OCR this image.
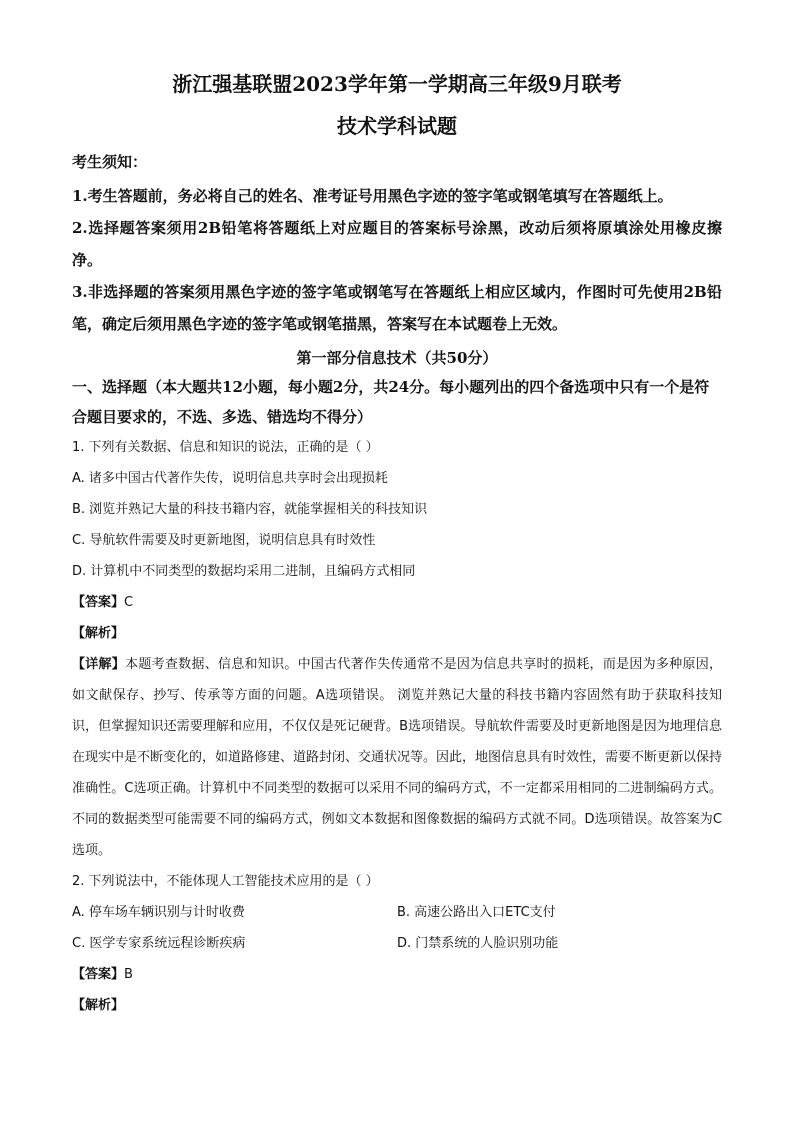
浙江强基联盟2023学年第一学期高三年级9月联考
技术学科试题

考生须知：

1.考生答题前，务必将自己的姓名、准考证号用黑色字迹的签字笔或钢笔填写在答题纸上。

2.选择题答案须用2B铅笔将答题纸上对应题目的答案标号涂黑，改动后须将原填涂处用橡皮擦净。

3.非选择题的答案须用黑色字迹的签字笔或钢笔写在答题纸上相应区域内，作图时可先使用2B铅笔，确定后须用黑色字迹的签字笔或钢笔描黑，答案写在本试题卷上无效。

第一部分信息技术（共50分）

一、选择题（本大题共12小题，每小题2分，共24分。每小题列出的四个备选项中只有一个是符合题目要求的，不选、多选、错选均不得分）

1. 下列有关数据、信息和知识的说法，正确的是（ ）

A. 诸多中国古代著作失传，说明信息共享时会出现损耗

B. 浏览并熟记大量的科技书籍内容，就能掌握相关的科技知识

C. 导航软件需要及时更新地图，说明信息具有时效性

D. 计算机中不同类型的数据均采用二进制，且编码方式相同

【答案】C

【解析】

【详解】本题考查数据、信息和知识。中国古代著作失传通常不是因为信息共享时的损耗，而是因为多种原因，如文献保存、抄写、传承等方面的问题。A选项错误。 浏览并熟记大量的科技书籍内容固然有助于获取科技知识，但掌握知识还需要理解和应用，不仅仅是死记硬背。B选项错误。导航软件需要及时更新地图是因为地理信息在现实中是不断变化的，如道路修建、道路封闭、交通状况等。因此，地图信息具有时效性，需要不断更新以保持准确性。C选项正确。计算机中不同类型的数据可以采用不同的编码方式，不一定都采用相同的二进制编码方式。不同的数据类型可能需要不同的编码方式，例如文本数据和图像数据的编码方式就不同。D选项错误。故答案为C选项。

2. 下列说法中，不能体现人工智能技术应用的是（ ）

A. 停车场车辆识别与计时收费	B. 高速公路出入口ETC支付
C. 医学专家系统远程诊断疾病	D. 门禁系统的人脸识别功能

【答案】B

【解析】
